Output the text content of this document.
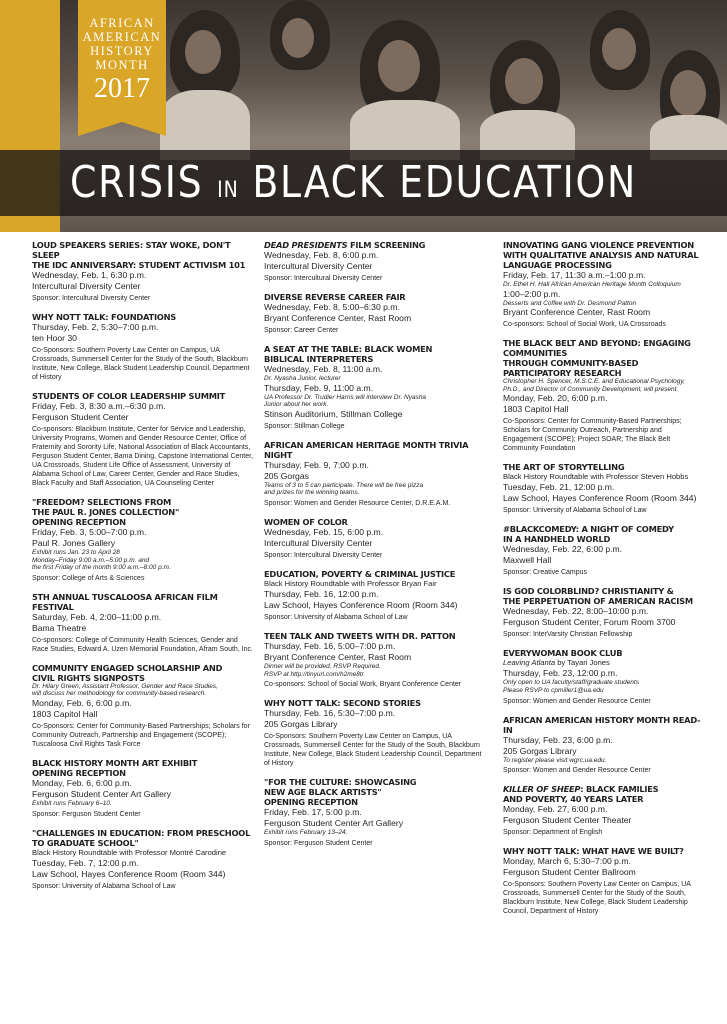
AFRICAN
AMERICAN
HISTORY
MONTH
2017
CRISIS IN BLACK EDUCATION
LOUD SPEAKERS SERIES: STAY WOKE, DON'T SLEEP
THE IDC ANNIVERSARY: STUDENT ACTIVISM 101
Wednesday, Feb. 1, 6:30 p.m.
Intercultural Diversity Center
Sponsor: Intercultural Diversity Center
WHY NOTT TALK: FOUNDATIONS
Thursday, Feb. 2, 5:30–7:00 p.m.
ten Hoor 30
Co-Sponsors: Southern Poverty Law Center on Campus, UA Crossroads, Summersell Center for the Study of the South, Blackburn Institute, New College, Black Student Leadership Council, Department of History
STUDENTS OF COLOR LEADERSHIP SUMMIT
Friday, Feb. 3, 8:30 a.m.–6:30 p.m.
Ferguson Student Center
Co-sponsors: Blackburn Institute, Center for Service and Leadership, University Programs, Women and Gender Resource Center, Office of Fraternity and Sorority Life, National Association of Black Accountants, Ferguson Student Center, Bama Dining, Capstone International Center, UA Crossroads, Student Life Office of Assessment, University of Alabama School of Law, Career Center, Gender and Race Studies, Black Faculty and Staff Association, UA Counseling Center
"FREEDOM? SELECTIONS FROM
THE PAUL R. JONES COLLECTION"
OPENING RECEPTION
Friday, Feb. 3, 5:00–7:00 p.m.
Paul R. Jones Gallery
Exhibit runs Jan. 23 to April 28
Monday–Friday 9:00 a.m.–5:00 p.m. and
the first Friday of the month 9:00 a.m.–8:00 p.m.
Sponsor: College of Arts & Sciences
5TH ANNUAL TUSCALOOSA AFRICAN FILM FESTIVAL
Saturday, Feb. 4, 2:00–11:00 p.m.
Bama Theatre
Co-sponsors: College of Community Health Sciences, Gender and Race Studies, Edward A. Uzen Memorial Foundation, Afram South, Inc.
COMMUNITY ENGAGED SCHOLARSHIP AND
CIVIL RIGHTS SIGNPOSTS
Dr. Hilary Green, Assistant Professor, Gender and Race Studies,
will discuss her methodology for community-based research.
Monday, Feb. 6, 6:00 p.m.
1803 Capitol Hall
Co-Sponsors: Center for Community-Based Partnerships; Scholars for Community Outreach, Partnership and Engagement (SCOPE); Tuscaloosa Civil Rights Task Force
BLACK HISTORY MONTH ART EXHIBIT
OPENING RECEPTION
Monday, Feb. 6, 6:00 p.m.
Ferguson Student Center Art Gallery
Exhibit runs February 6–10.
Sponsor: Ferguson Student Center
"CHALLENGES IN EDUCATION: FROM PRESCHOOL
TO GRADUATE SCHOOL"
Black History Roundtable with Professor Montré Carodine
Tuesday, Feb. 7, 12:00 p.m.
Law School, Hayes Conference Room (Room 344)
Sponsor: University of Alabama School of Law
DEAD PRESIDENTS FILM SCREENING
Wednesday, Feb. 8, 6:00 p.m.
Intercultural Diversity Center
Sponsor: Intercultural Diversity Center
DIVERSE REVERSE CAREER FAIR
Wednesday, Feb. 8, 5:00–6:30 p.m.
Bryant Conference Center, Rast Room
Sponsor: Career Center
A SEAT AT THE TABLE: BLACK WOMEN
BIBLICAL INTERPRETERS
Wednesday, Feb. 8, 11:00 a.m.
Dr. Nyasha Junior, lecturer
Thursday, Feb. 9, 11:00 a.m.
UA Professor Dr. Trudier Harris will interview Dr. Nyasha
Junior about her work.
Stinson Auditorium, Stillman College
Sponsor: Stillman College
AFRICAN AMERICAN HERITAGE MONTH TRIVIA NIGHT
Thursday, Feb. 9, 7:00 p.m.
205 Gorgas
Teams of 3 to 5 can participate. There will be free pizza
and prizes for the winning teams.
Sponsor: Women and Gender Resource Center, D.R.E.A.M.
WOMEN OF COLOR
Wednesday, Feb. 15, 6:00 p.m.
Intercultural Diversity Center
Sponsor: Intercultural Diversity Center
EDUCATION, POVERTY & CRIMINAL JUSTICE
Black History Roundtable with Professor Bryan Fair
Thursday, Feb. 16, 12:00 p.m.
Law School, Hayes Conference Room (Room 344)
Sponsor: University of Alabama School of Law
TEEN TALK AND TWEETS WITH DR. PATTON
Thursday, Feb. 16, 5:00–7:00 p.m.
Bryant Conference Center, Rast Room
Dinner will be provided. RSVP Required.
RSVP at http://tinyurl.com/h2me8tr
Co-sponsors: School of Social Work, Bryant Conference Center
WHY NOTT TALK: SECOND STORIES
Thursday, Feb. 16, 5:30–7:00 p.m.
205 Gorgas Library
Co-Sponsors: Southern Poverty Law Center on Campus, UA Crossroads, Summersell Center for the Study of the South, Blackburn Institute, New College, Black Student Leadership Council, Department of History
"FOR THE CULTURE: SHOWCASING
NEW AGE BLACK ARTISTS"
OPENING RECEPTION
Friday, Feb. 17, 5:00 p.m.
Ferguson Student Center Art Gallery
Exhibit runs February 13–24.
Sponsor: Ferguson Student Center
INNOVATING GANG VIOLENCE PREVENTION
WITH QUALITATIVE ANALYSIS AND NATURAL
LANGUAGE PROCESSING
Friday, Feb. 17, 11:30 a.m.–1:00 p.m.
Dr. Ethel H. Hall African American Heritage Month Colloquium
1:00–2:00 p.m.
Desserts and Coffee with Dr. Desmond Patton
Bryant Conference Center, Rast Room
Co-sponsors: School of Social Work, UA Crossroads
THE BLACK BELT AND BEYOND: ENGAGING COMMUNITIES
THROUGH COMMUNITY-BASED PARTICIPATORY RESEARCH
Christopher H. Spencer, M.S.C.E. and Educational Psychology,
Ph.D., and Director of Community Development, will present.
Monday, Feb. 20, 6:00 p.m.
1803 Capitol Hall
Co-Sponsors: Center for Community-Based Partnerships; Scholars for Community Outreach, Partnership and Engagement (SCOPE); Project SOAR; The Black Belt Community Foundation
THE ART OF STORYTELLING
Black History Roundtable with Professor Steven Hobbs
Tuesday, Feb. 21, 12:00 p.m.
Law School, Hayes Conference Room (Room 344)
Sponsor: University of Alabama School of Law
#BLACKCOMEDY: A NIGHT OF COMEDY
IN A HANDHELD WORLD
Wednesday, Feb. 22, 6:00 p.m.
Maxwell Hall
Sponsor: Creative Campus
IS GOD COLORBLIND? CHRISTIANITY &
THE PERPETUATION OF AMERICAN RACISM
Wednesday, Feb. 22, 8:00–10:00 p.m.
Ferguson Student Center, Forum Room 3700
Sponsor: InterVarsity Christian Fellowship
EVERYWOMAN BOOK CLUB
Leaving Atlanta by Tayari Jones
Thursday, Feb. 23, 12:00 p.m.
Only open to UA faculty/staff/graduate students
Please RSVP to cpmiller1@ua.edu
Sponsor: Women and Gender Resource Center
AFRICAN AMERICAN HISTORY MONTH READ-IN
Thursday, Feb. 23, 6:00 p.m.
205 Gorgas Library
To register please visit wgrc.ua.edu.
Sponsor: Women and Gender Resource Center
KILLER OF SHEEP: BLACK FAMILIES
AND POVERTY, 40 YEARS LATER
Monday, Feb. 27, 6:00 p.m.
Ferguson Student Center Theater
Sponsor: Department of English
WHY NOTT TALK: WHAT HAVE WE BUILT?
Monday, March 6, 5:30–7:00 p.m.
Ferguson Student Center Ballroom
Co-Sponsors: Southern Poverty Law Center on Campus, UA Crossroads, Summersell Center for the Study of the South, Blackburn Institute, New College, Black Student Leadership Council, Department of History
